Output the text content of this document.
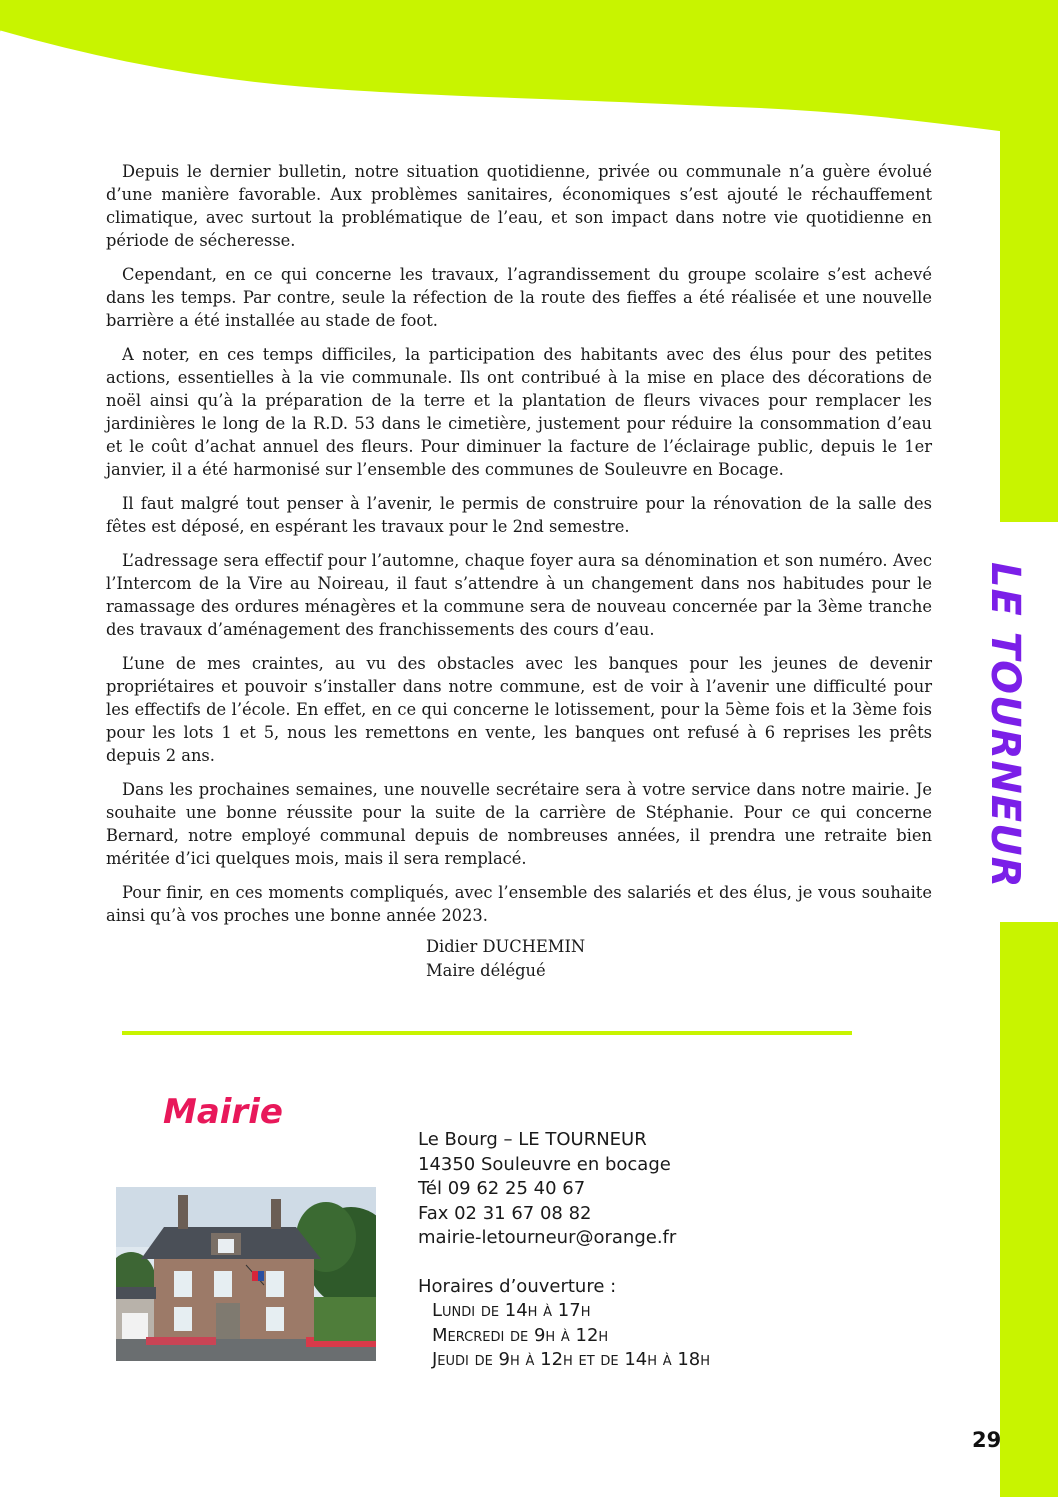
LE TOURNEUR

Depuis le dernier bulletin, notre situation quotidienne, privée ou communale n’a guère évolué d’une manière favorable. Aux problèmes sanitaires, économiques s’est ajouté le réchauffement climatique, avec surtout la problématique de l’eau, et son impact dans notre vie quotidienne en période de sécheresse.

Cependant, en ce qui concerne les travaux, l’agrandissement du groupe scolaire s’est achevé dans les temps. Par contre, seule la réfection de la route des fieffes a été réalisée et une nouvelle barrière a été installée au stade de foot.

A noter, en ces temps difficiles, la participation des habitants avec des élus pour des petites actions, essentielles à la vie communale. Ils ont contribué à la mise en place des décorations de noël ainsi qu’à la préparation de la terre et la plantation de fleurs vivaces pour remplacer les jardinières le long de la R.D. 53 dans le cimetière, justement pour réduire la consommation d’eau et le coût d’achat annuel des fleurs. Pour diminuer la facture de l’éclairage public, depuis le 1er janvier, il a été harmonisé sur l’ensemble des communes de Souleuvre en Bocage.

Il faut malgré tout penser à l’avenir, le permis de construire pour la rénovation de la salle des fêtes est déposé, en espérant les travaux pour le 2nd semestre.

L’adressage sera effectif pour l’automne, chaque foyer aura sa dénomination et son numéro. Avec l’Intercom de la Vire au Noireau, il faut s’attendre à un changement dans nos habitudes pour le ramassage des ordures ménagères et la commune sera de nouveau concernée par la 3ème tranche des travaux d’aménagement des franchissements des cours d’eau.

L’une de mes craintes, au vu des obstacles avec les banques pour les jeunes de devenir propriétaires et pouvoir s’installer dans notre commune, est de voir à l’avenir une difficulté pour les effectifs de l’école. En effet, en ce qui concerne le lotissement, pour la 5ème fois et la 3ème fois pour les lots 1 et 5, nous les remettons en vente, les banques ont refusé à 6 reprises les prêts depuis 2 ans.

Dans les prochaines semaines, une nouvelle secrétaire sera à votre service dans notre mairie. Je souhaite une bonne réussite pour la suite de la carrière de Stéphanie. Pour ce qui concerne Bernard, notre employé communal depuis de nombreuses années, il prendra une retraite bien méritée d’ici quelques mois, mais il sera remplacé.

Pour finir, en ces moments compliqués, avec l’ensemble des salariés et des élus, je vous souhaite ainsi qu’à vos proches une bonne année 2023.

Didier DUCHEMIN
Maire délégué
Mairie
Le Bourg – LE TOURNEUR
14350 Souleuvre en bocage
Tél 09 62 25 40 67
Fax 02 31 67 08 82
mairie-letourneur@orange.fr
Horaires d’ouverture :
Lundi de 14h à 17h
Mercredi de 9h à 12h
Jeudi de 9h à 12h et de 14h à 18h
29
